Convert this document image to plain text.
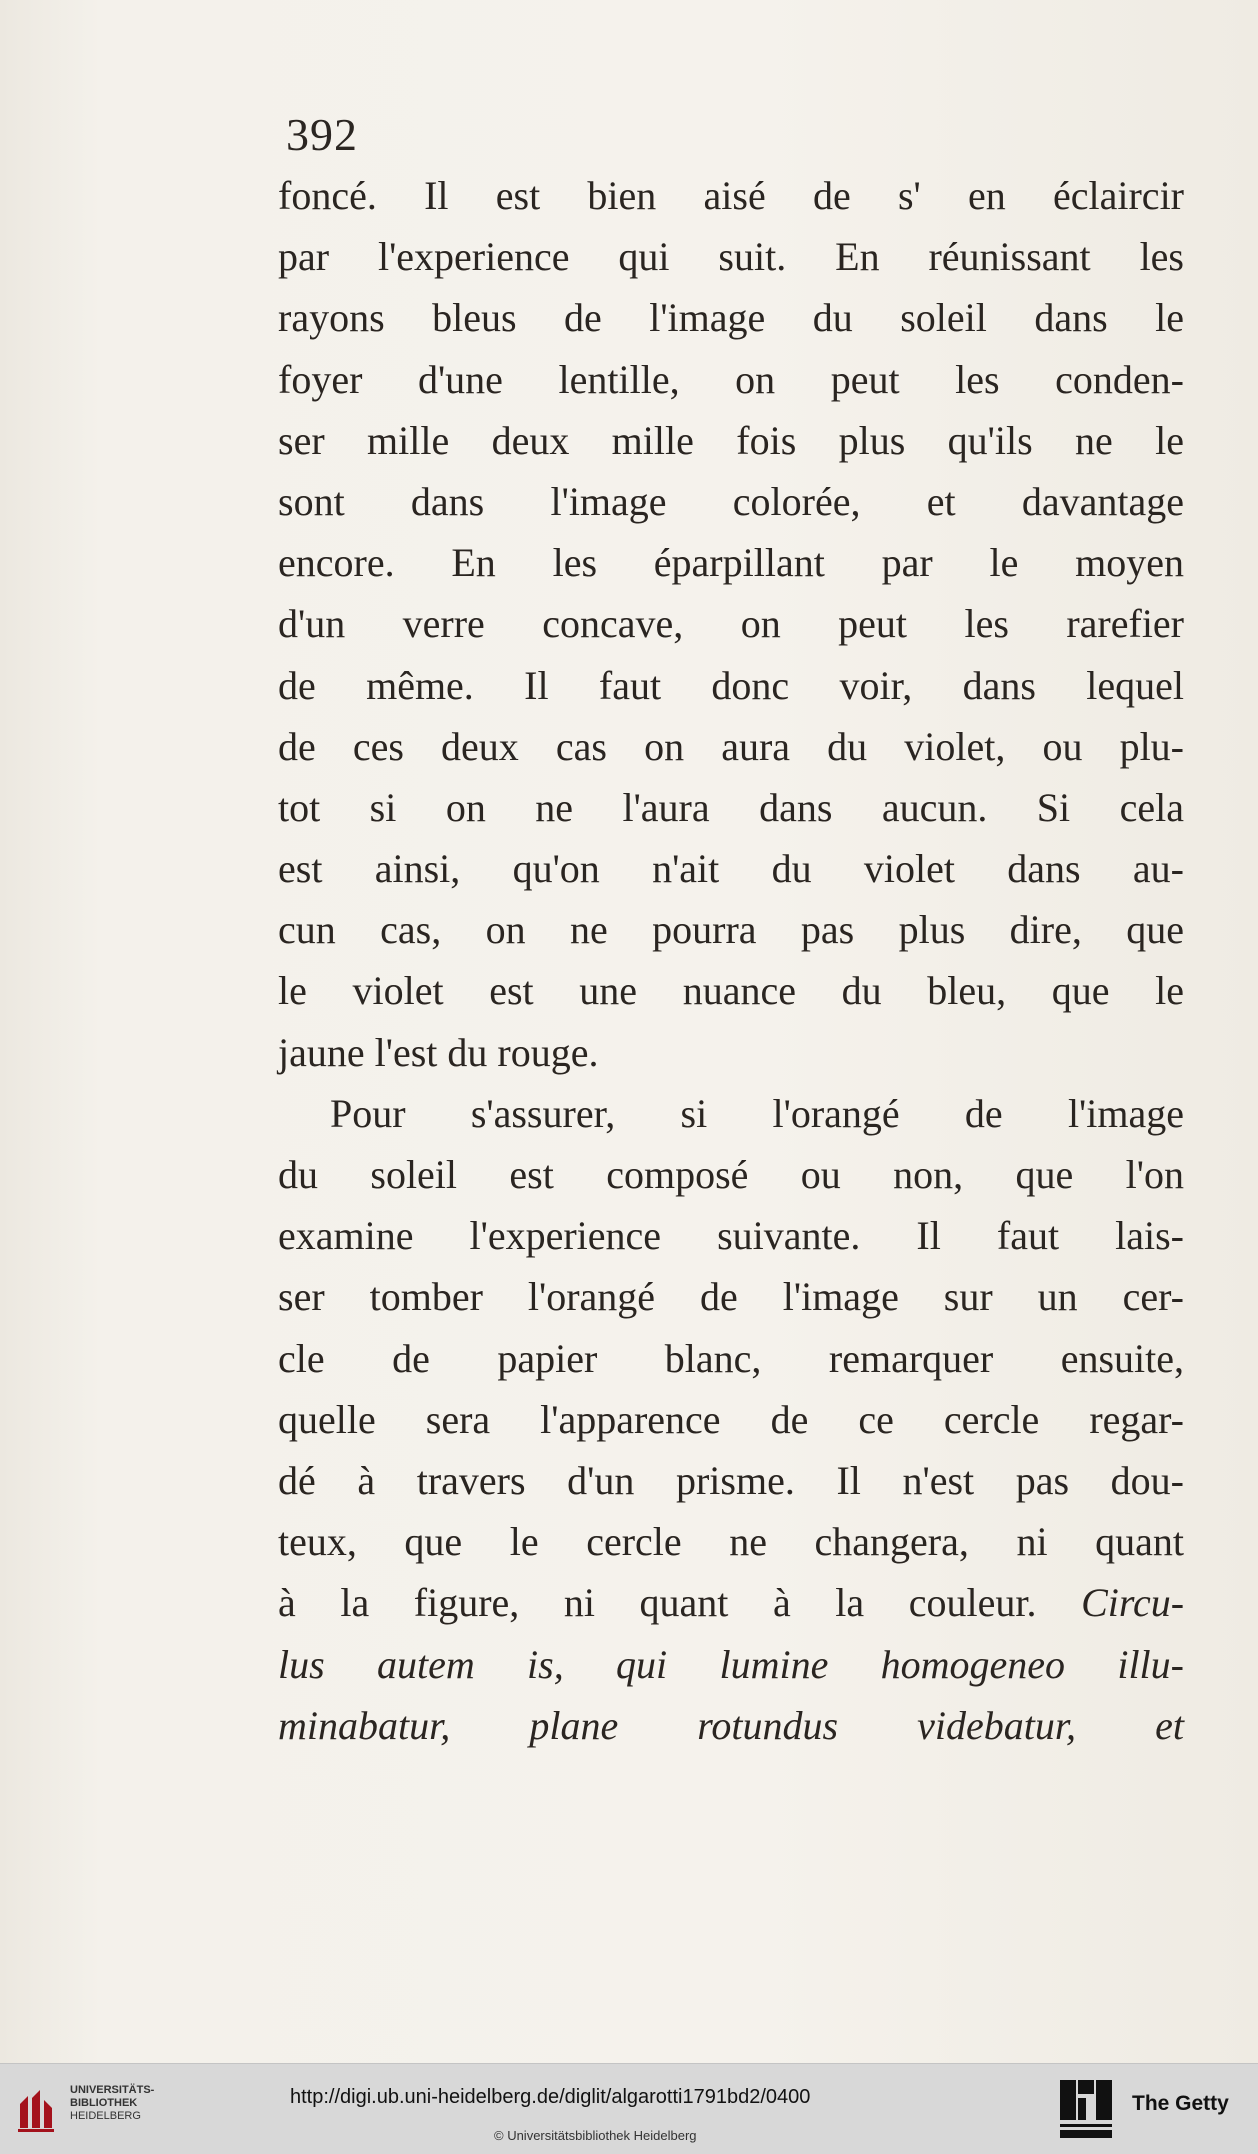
392
foncé. Il est bien aisé de s' en éclaircir
par l'experience qui suit. En réunissant les
rayons bleus de l'image du soleil dans le
foyer d'une lentille, on peut les conden-
ser mille deux mille fois plus qu'ils ne le
sont dans l'image colorée, et davantage
encore. En les éparpillant par le moyen
d'un verre concave, on peut les rarefier
de même. Il faut donc voir, dans lequel
de ces deux cas on aura du violet, ou plu-
tot si on ne l'aura dans aucun. Si cela
est ainsi, qu'on n'ait du violet dans au-
cun cas, on ne pourra pas plus dire, que
le violet est une nuance du bleu, que le
jaune l'est du rouge.
Pour s'assurer, si l'orangé de l'image
du soleil est composé ou non, que l'on
examine l'experience suivante. Il faut lais-
ser tomber l'orangé de l'image sur un cer-
cle de papier blanc, remarquer ensuite,
quelle sera l'apparence de ce cercle regar-
dé à travers d'un prisme. Il n'est pas dou-
teux, que le cercle ne changera, ni quant
à la figure, ni quant à la couleur. Circu-
lus autem is, qui lumine homogeneo illu-
minabatur, plane rotundus videbatur, et
UNIVERSITÄTS-
BIBLIOTHEK
HEIDELBERG
http://digi.ub.uni-heidelberg.de/diglit/algarotti1791bd2/0400
© Universitätsbibliothek Heidelberg
The Getty
